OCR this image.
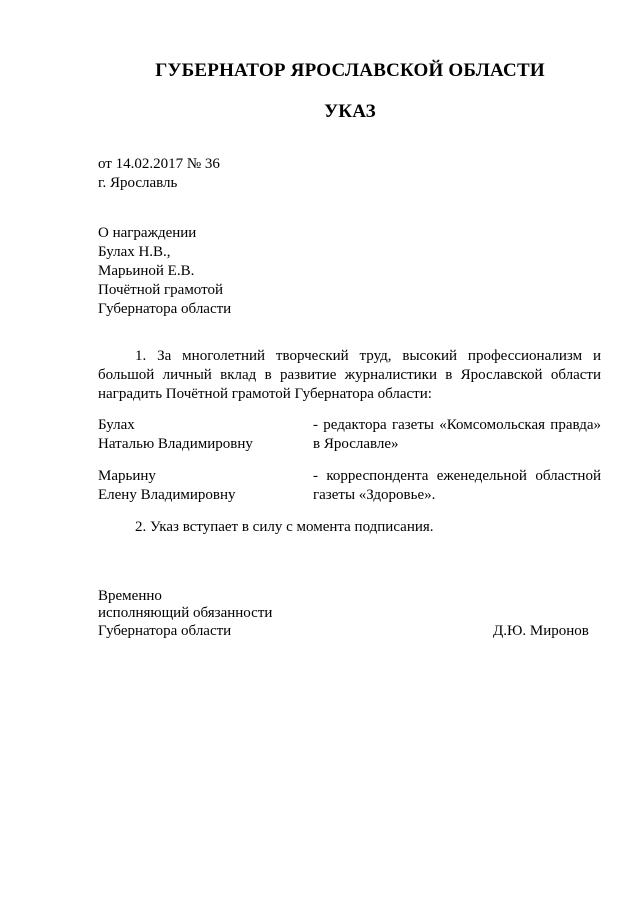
ГУБЕРНАТОР ЯРОСЛАВСКОЙ ОБЛАСТИ
УКАЗ
от 14.02.2017 № 36
г. Ярославль
О награждении
Булах Н.В.,
Марьиной Е.В.
Почётной грамотой
Губернатора области
1. За многолетний творческий труд, высокий профессионализм и большой личный вклад в развитие журналистики в Ярославской области наградить Почётной грамотой Губернатора области:
Булах
Наталью Владимировну
- редактора газеты «Комсомольская правда» в Ярославле»
Марьину
Елену Владимировну
- корреспондента еженедельной областной газеты «Здоровье».
2. Указ вступает в силу с момента подписания.
Временно
исполняющий обязанности
Губернатора области	Д.Ю. Миронов
